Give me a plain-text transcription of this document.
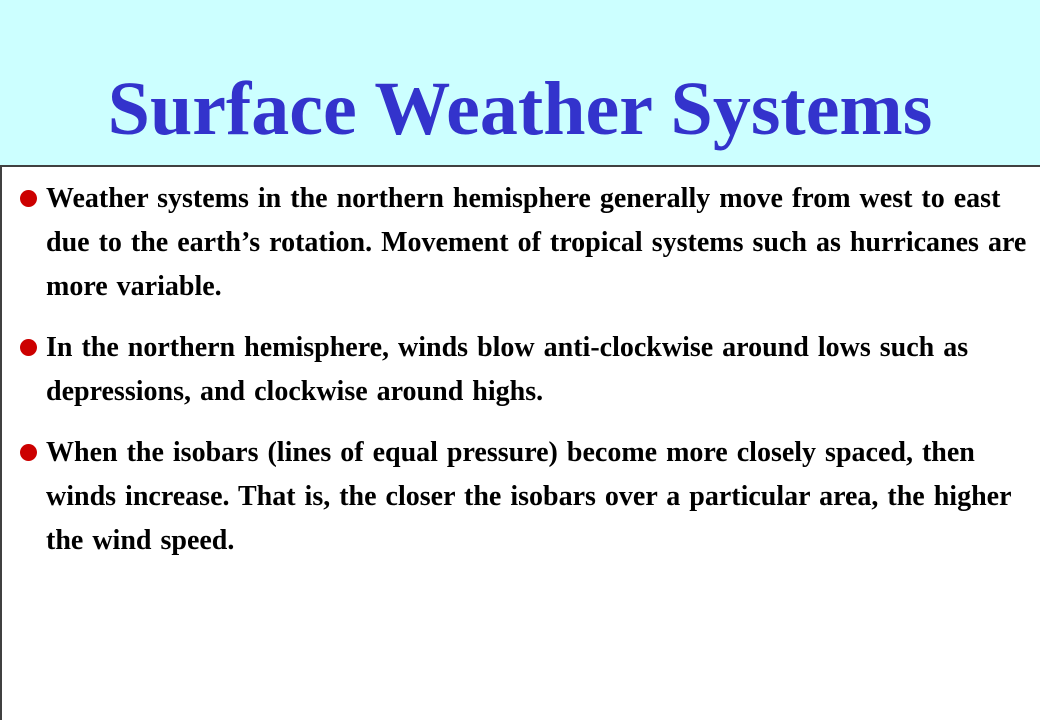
Surface Weather Systems
Weather systems in the northern hemisphere generally move from west to east due to the earth’s rotation. Movement of tropical systems such as hurricanes are more variable.
In the northern hemisphere, winds blow anti-clockwise around lows such as depressions, and clockwise around highs.
When the isobars (lines of equal pressure) become more closely spaced, then winds increase. That is, the closer the isobars over a particular area, the higher the wind speed.
